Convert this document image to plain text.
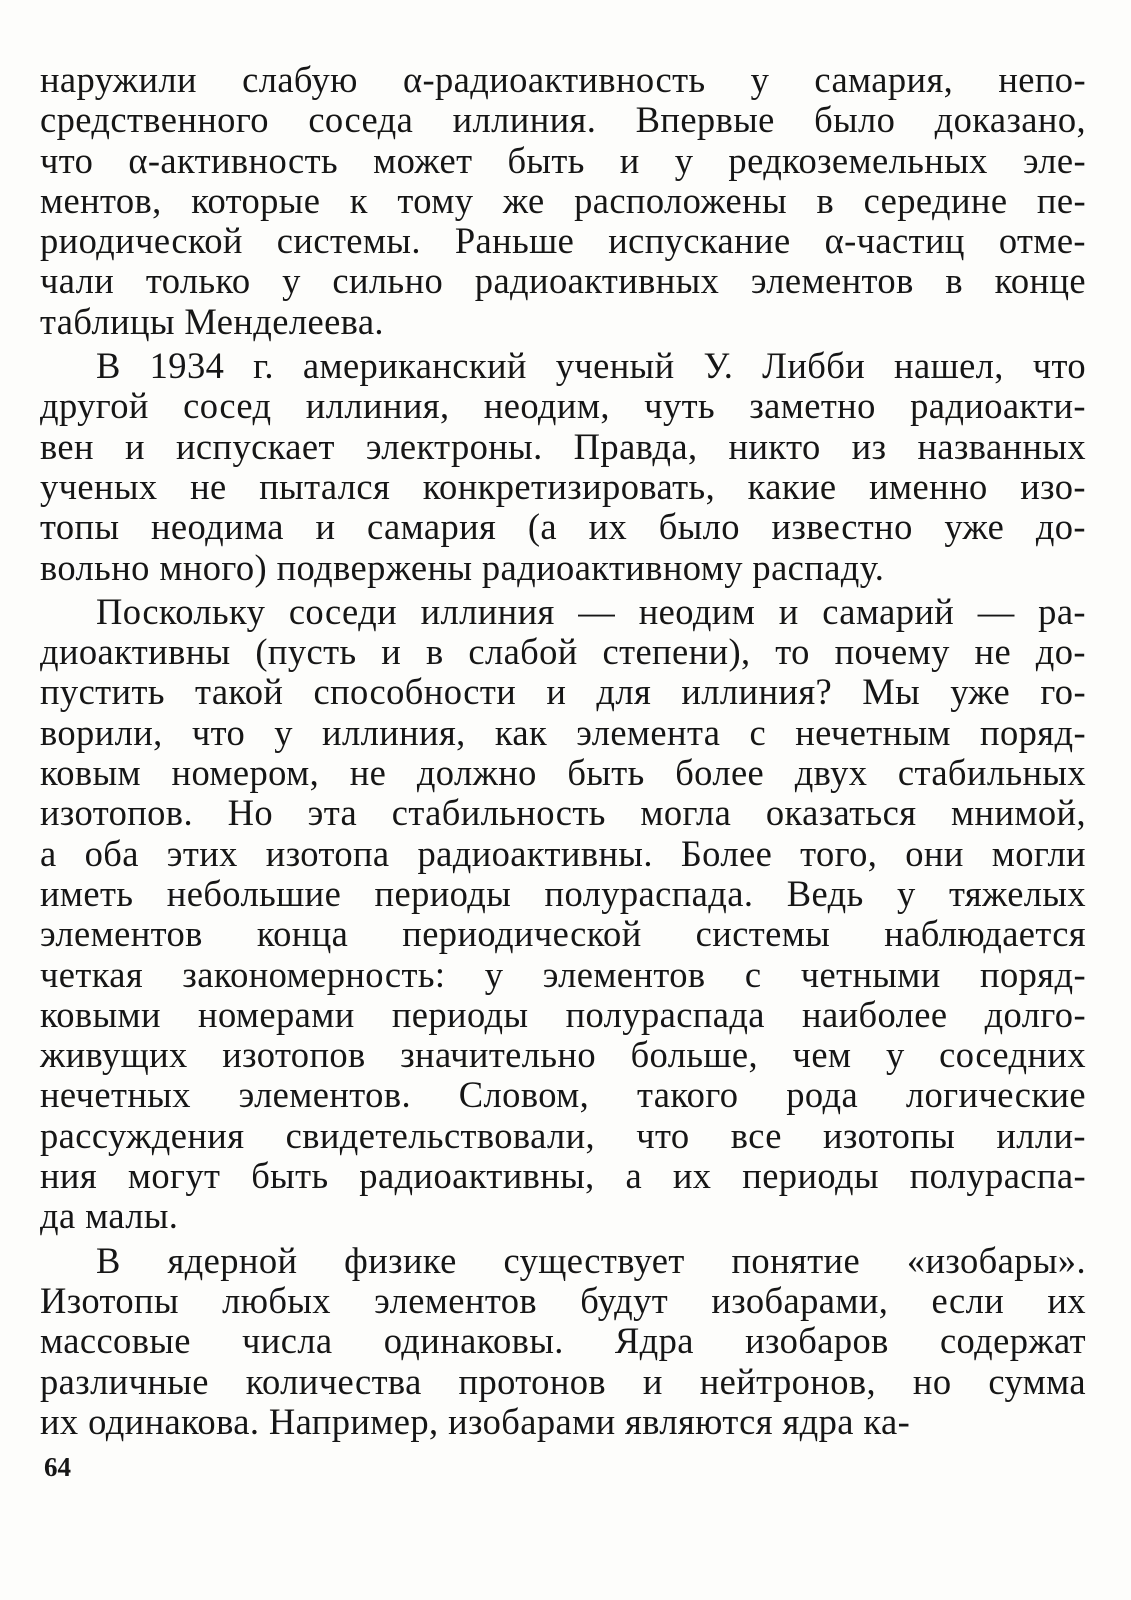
наружили слабую α-радиоактивность у самария, непо-
средственного соседа иллиния. Впервые было доказано,
что α-активность может быть и у редкоземельных эле-
ментов, которые к тому же расположены в середине пе-
риодической системы. Раньше испускание α-частиц отме-
чали только у сильно радиоактивных элементов в конце
таблицы Менделеева.
В 1934 г. американский ученый У. Либби нашел, что
другой сосед иллиния, неодим, чуть заметно радиоакти-
вен и испускает электроны. Правда, никто из названных
ученых не пытался конкретизировать, какие именно изо-
топы неодима и самария (а их было известно уже до-
вольно много) подвержены радиоактивному распаду.
Поскольку соседи иллиния — неодим и самарий — ра-
диоактивны (пусть и в слабой степени), то почему не до-
пустить такой способности и для иллиния? Мы уже го-
ворили, что у иллиния, как элемента с нечетным поряд-
ковым номером, не должно быть более двух стабильных
изотопов. Но эта стабильность могла оказаться мнимой,
а оба этих изотопа радиоактивны. Более того, они могли
иметь небольшие периоды полураспада. Ведь у тяжелых
элементов конца периодической системы наблюдается
четкая закономерность: у элементов с четными поряд-
ковыми номерами периоды полураспада наиболее долго-
живущих изотопов значительно больше, чем у соседних
нечетных элементов. Словом, такого рода логические
рассуждения свидетельствовали, что все изотопы илли-
ния могут быть радиоактивны, а их периоды полураспа-
да малы.
В ядерной физике существует понятие «изобары».
Изотопы любых элементов будут изобарами, если их
массовые числа одинаковы. Ядра изобаров содержат
различные количества протонов и нейтронов, но сумма
их одинакова. Например, изобарами являются ядра ка-
64
